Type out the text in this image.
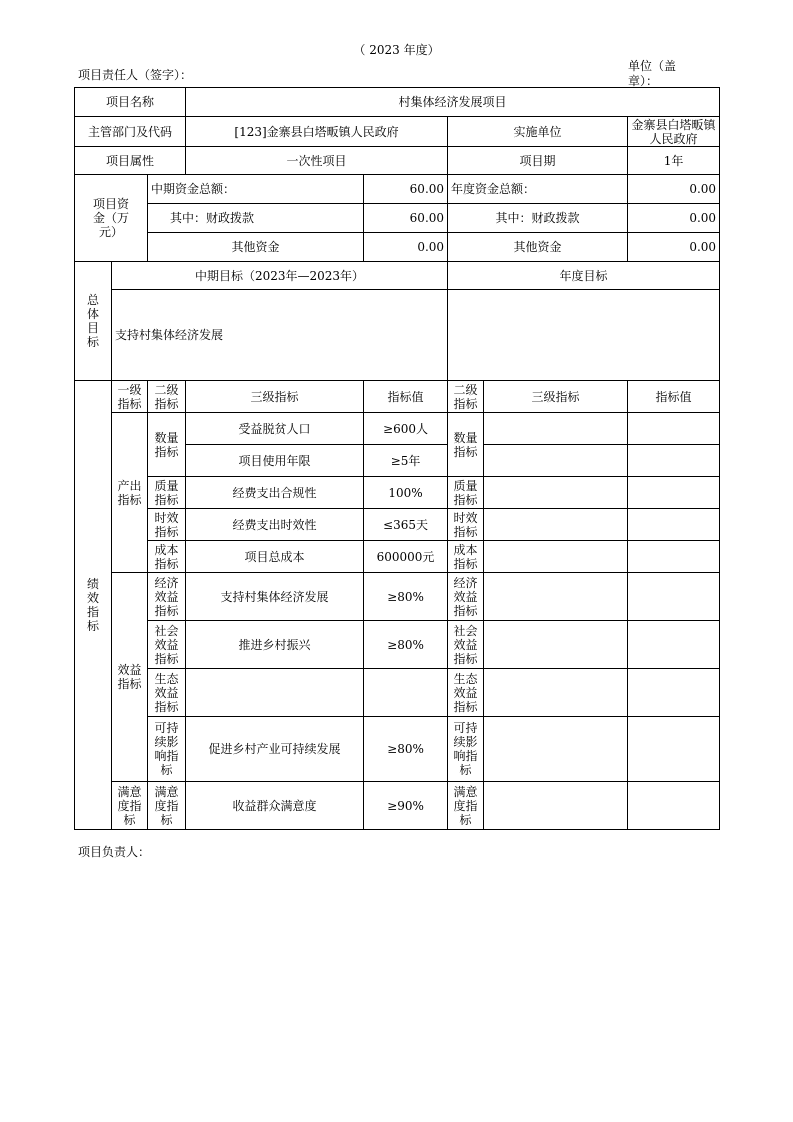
（ 2023 年度）
项目责任人（签字）：
单位（盖章）：
项目名称			村集体经济发展项目				
主管部门及代码			[123]金寨县白塔畈镇人民政府		实施单位		金寨县白塔畈镇人民政府
项目属性			一次性项目		项目期		1年
项目资金（万元）		中期资金总额：		60.00	年度资金总额：		0.00
		其中：财政拨款		60.00	其中：财政拨款		0.00
		其他资金		0.00	其他资金		0.00
总体目标	中期目标（2023年—2023年）				年度目标		
	支持村集体经济发展						
绩效指标	一级指标	二级指标	三级指标	指标值	二级指标	三级指标	指标值
	产出指标	数量指标	受益脱贫人口	≥600人	数量指标		
			项目使用年限	≥5年			
		质量指标	经费支出合规性	100%	质量指标		
		时效指标	经费支出时效性	≤365天	时效指标		
		成本指标	项目总成本	600000元	成本指标		
	效益指标	经济效益指标	支持村集体经济发展	≥80%	经济效益指标		
		社会效益指标	推进乡村振兴	≥80%	社会效益指标		
		生态效益指标			生态效益指标		
		可持续影响指标	促进乡村产业可持续发展	≥80%	可持续影响指标		
	满意度指标	满意度指标	收益群众满意度	≥90%	满意度指标		
项目负责人：
